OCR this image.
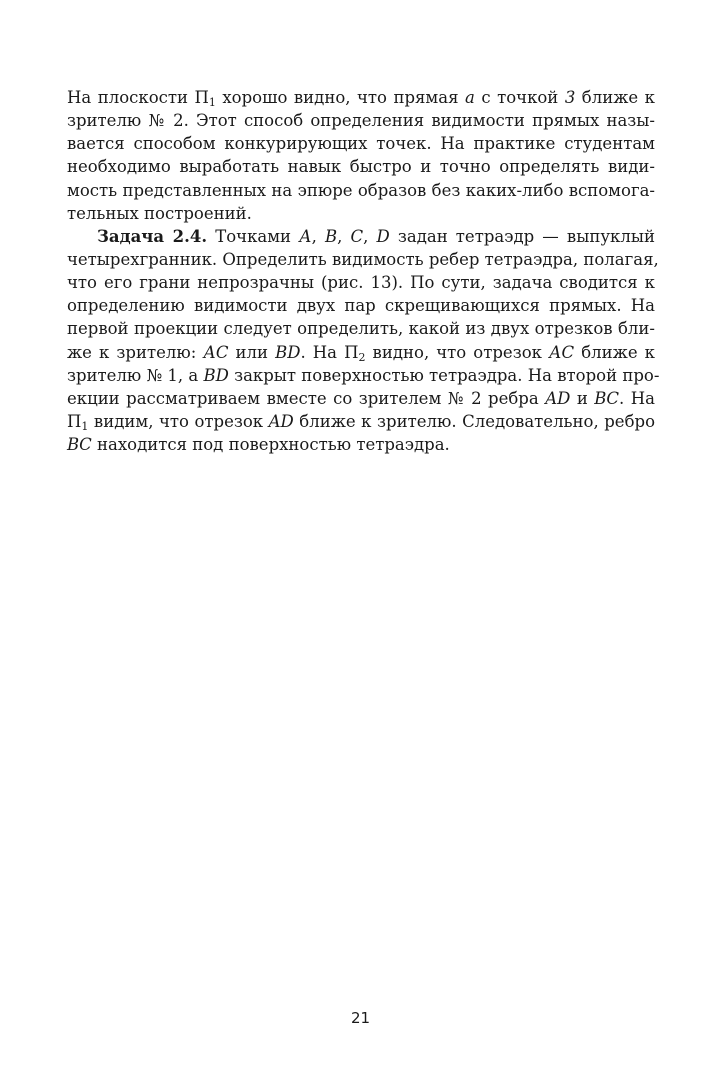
На плоскости $П_1$ хорошо видно, что прямая а с точкой 3 ближе к
зрителю № 2. Этот способ определения видимости прямых назы-
вается способом конкурирующих точек. На практике студентам
необходимо выработать навык быстро и точно определять види-
мость представленных на эпюре образов без каких-либо вспомога-
тельных построений.
Задача 2.4. Точками А, В, С, D задан тетраэдр — выпуклый
четырехгранник. Определить видимость ребер тетраэдра, полагая,
что его грани непрозрачны (рис. 13). По сути, задача сводится к
определению видимости двух пар скрещивающихся прямых. На
первой проекции следует определить, какой из двух отрезков бли-
же к зрителю: АС или BD. На $П_2$ видно, что отрезок АС ближе к
зрителю № 1, а BD закрыт поверхностью тетраэдра. На второй про-
екции рассматриваем вместе со зрителем № 2 ребра AD и ВС. На
$П_1$ видим, что отрезок AD ближе к зрителю. Следовательно, ребро
ВС находится под поверхностью тетраэдра.
21
